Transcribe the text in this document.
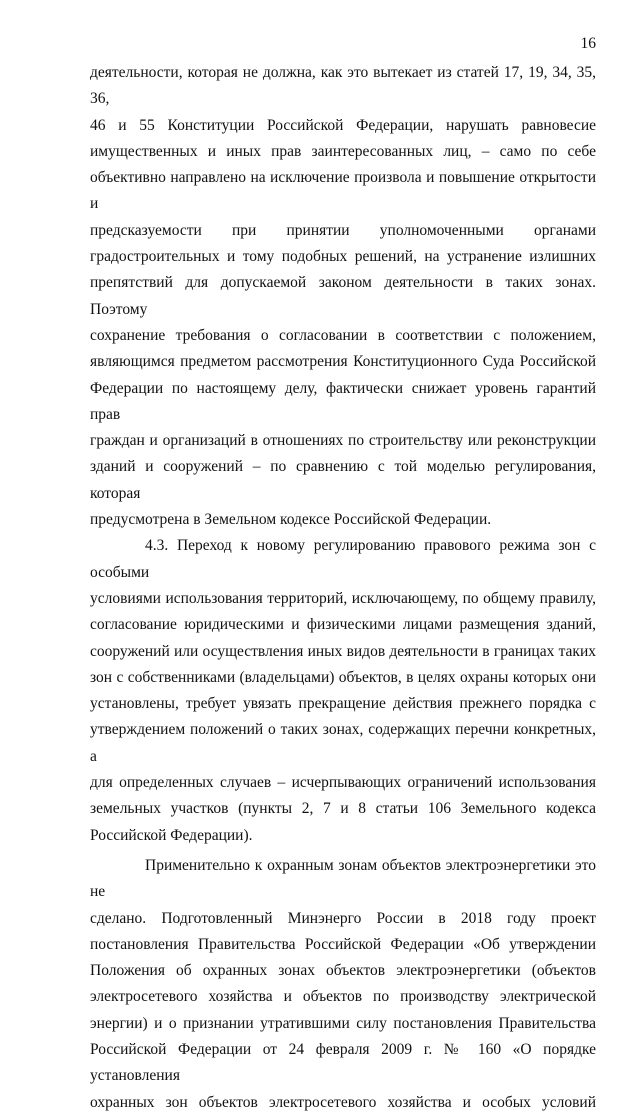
16

деятельности, которая не должна, как это вытекает из статей 17, 19, 34, 35, 36,

46 и 55 Конституции Российской Федерации, нарушать равновесие

имущественных и иных прав заинтересованных лиц, – само по себе

объективно направлено на исключение произвола и повышение открытости и

предсказуемости при принятии уполномоченными органами

градостроительных и тому подобных решений, на устранение излишних

препятствий для допускаемой законом деятельности в таких зонах. Поэтому

сохранение требования о согласовании в соответствии с положением,

являющимся предметом рассмотрения Конституционного Суда Российской

Федерации по настоящему делу, фактически снижает уровень гарантий прав

граждан и организаций в отношениях по строительству или реконструкции

зданий и сооружений – по сравнению с той моделью регулирования, которая

предусмотрена в Земельном кодексе Российской Федерации.

4.3. Переход к новому регулированию правового режима зон с особыми

условиями использования территорий, исключающему, по общему правилу,

согласование юридическими и физическими лицами размещения зданий,

сооружений или осуществления иных видов деятельности в границах таких

зон с собственниками (владельцами) объектов, в целях охраны которых они

установлены, требует увязать прекращение действия прежнего порядка с

утверждением положений о таких зонах, содержащих перечни конкретных, а

для определенных случаев – исчерпывающих ограничений использования

земельных участков (пункты 2, 7 и 8 статьи 106 Земельного кодекса

Российской Федерации).

Применительно к охранным зонам объектов электроэнергетики это не

сделано. Подготовленный Минэнерго России в 2018 году проект

постановления Правительства Российской Федерации «Об утверждении

Положения об охранных зонах объектов электроэнергетики (объектов

электросетевого хозяйства и объектов по производству электрической

энергии) и о признании утратившими силу постановления Правительства

Российской Федерации от 24 февраля 2009 г. № 160 «О порядке установления

охранных зон объектов электросетевого хозяйства и особых условий
